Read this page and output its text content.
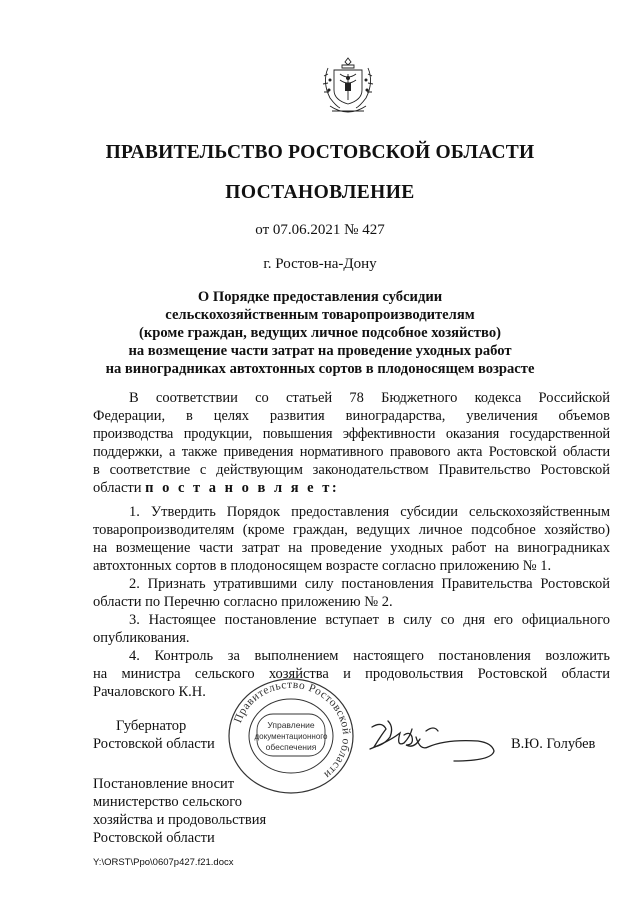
ПРАВИТЕЛЬСТВО РОСТОВСКОЙ ОБЛАСТИ
ПОСТАНОВЛЕНИЕ
от 07.06.2021 № 427
г. Ростов-на-Дону
О Порядке предоставления субсидии
сельскохозяйственным товаропроизводителям
(кроме граждан, ведущих личное подсобное хозяйство)
на возмещение части затрат на проведение уходных работ
на виноградниках автохтонных сортов в плодоносящем возрасте
В соответствии со статьей 78 Бюджетного кодекса Российской
Федерации, в целях развития виноградарства, увеличения объемов
производства продукции, повышения эффективности оказания государственной
поддержки, а также приведения нормативного правового акта Ростовской области
в соответствие с действующим законодательством Правительство Ростовской
области п о с т а н о в л я е т:
1. Утвердить Порядок предоставления субсидии сельскохозяйственным
товаропроизводителям (кроме граждан, ведущих личное подсобное хозяйство)
на возмещение части затрат на проведение уходных работ на виноградниках
автохтонных сортов в плодоносящем возрасте согласно приложению № 1.
2. Признать утратившими силу постановления Правительства Ростовской
области по Перечню согласно приложению № 2.
3. Настоящее постановление вступает в силу со дня его официального
опубликования.
4. Контроль за выполнением настоящего постановления возложить
на министра сельского хозяйства и продовольствия Ростовской области
Рачаловского К.Н.
Губернатор
Ростовской области	В.Ю. Голубев
Правительство Ростовской области
Управление
документационного
обеспечения
Постановление вносит
министерство сельского
хозяйства и продовольствия
Ростовской области
Y:\ORST\Ppo\0607p427.f21.docx
